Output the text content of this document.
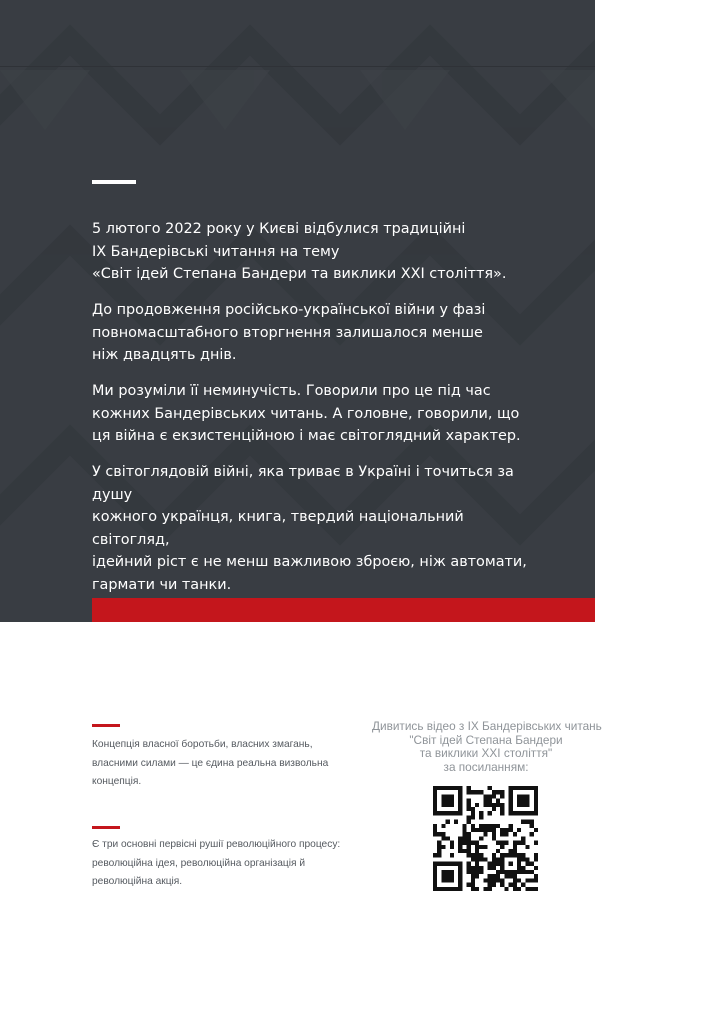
5 лютого 2022 року у Києві відбулися традиційні
IX Бандерівські читання на тему
«Світ ідей Степана Бандери та виклики XXI століття».

До продовження російсько-української війни у фазі
повномасштабного вторгнення залишалося менше
ніж двадцять днів.

Ми розуміли її неминучість. Говорили про це під час
кожних Бандерівських читань. А головне, говорили, що
ця війна є екзистенційною і має світоглядний характер.

У світоглядовій війні, яка триває в Україні і точиться за душу
кожного українця, книга, твердий національний світогляд,
ідейний ріст є не менш важливою зброєю, ніж автомати,
гармати чи танки.

Концепція власної боротьби, власних змагань, власними силами — це єдина реальна визвольна концепція.
Є три основні первісні рушії революційного процесу: революційна ідея, революційна організація й революційна акція.
Дивитись відео з IX Бандерівських читань
"Світ ідей Степана Бандери
та виклики XXI століття"
за посиланням:
